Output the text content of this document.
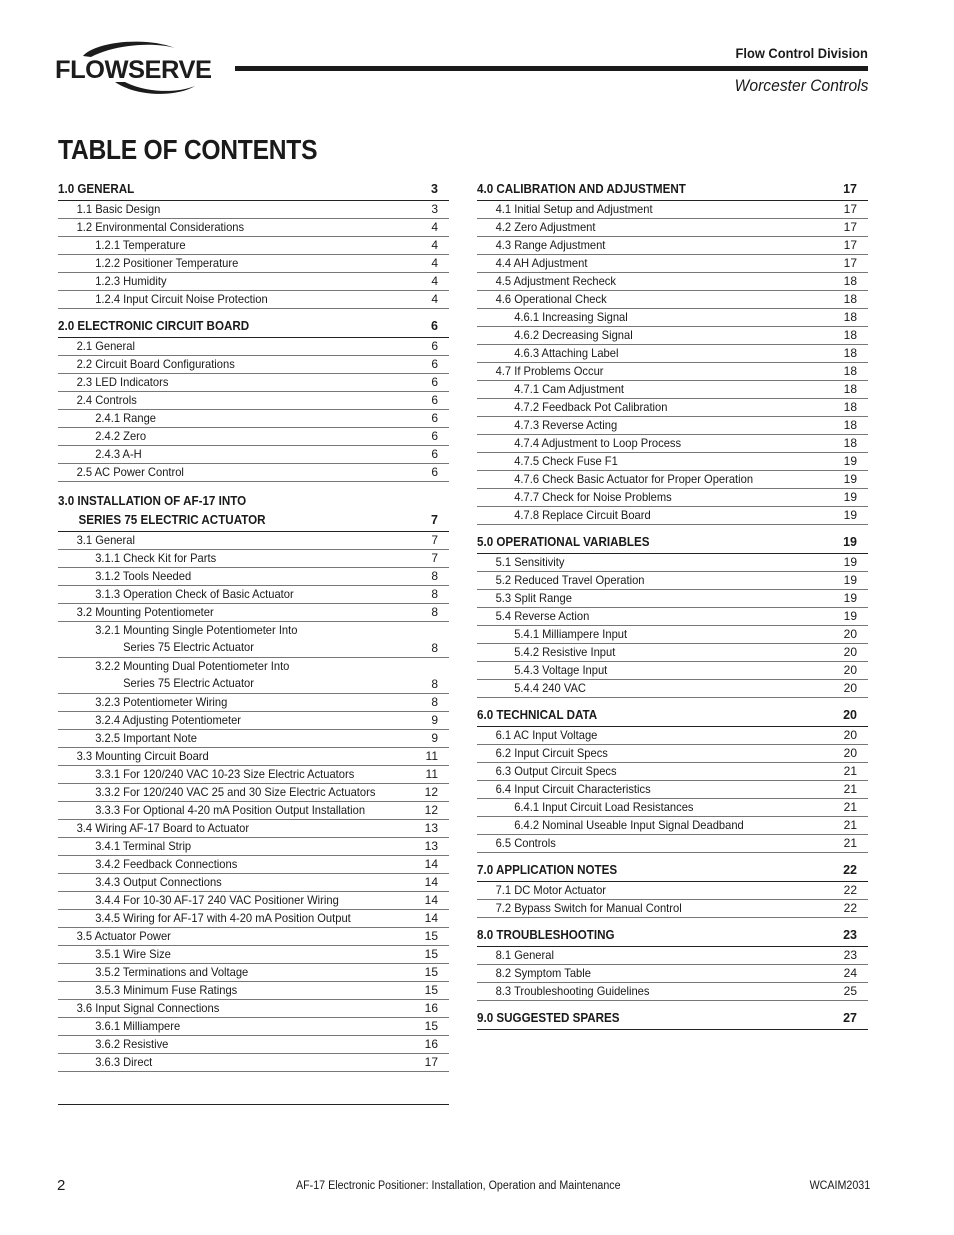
FLOWSERVE
Flow Control Division
Worcester Controls
TABLE OF CONTENTS
1.0 GENERAL	3
1.1 Basic Design	3
1.2 Environmental Considerations	4
1.2.1 Temperature	4
1.2.2 Positioner Temperature	4
1.2.3 Humidity	4
1.2.4 Input Circuit Noise Protection	4
2.0 ELECTRONIC CIRCUIT BOARD	6
2.1 General	6
2.2 Circuit Board Configurations	6
2.3 LED Indicators	6
2.4 Controls	6
2.4.1 Range	6
2.4.2 Zero	6
2.4.3 A-H	6
2.5 AC Power Control	6
3.0 INSTALLATION OF AF-17 INTO
SERIES 75 ELECTRIC ACTUATOR	7
3.1 General	7
3.1.1 Check Kit for Parts	7
3.1.2 Tools Needed	8
3.1.3 Operation Check of Basic Actuator	8
3.2 Mounting Potentiometer	8
3.2.1 Mounting Single Potentiometer Into
Series 75 Electric Actuator	8
3.2.2 Mounting Dual Potentiometer Into
Series 75 Electric Actuator	8
3.2.3 Potentiometer Wiring	8
3.2.4 Adjusting Potentiometer	9
3.2.5 Important Note	9
3.3 Mounting Circuit Board	11
3.3.1 For 120/240 VAC 10-23 Size Electric Actuators	11
3.3.2 For 120/240 VAC 25 and 30 Size Electric Actuators	12
3.3.3 For Optional 4-20 mA Position Output Installation	12
3.4 Wiring AF-17 Board to Actuator	13
3.4.1 Terminal Strip	13
3.4.2 Feedback Connections	14
3.4.3 Output Connections	14
3.4.4 For 10-30 AF-17 240 VAC Positioner Wiring	14
3.4.5 Wiring for AF-17 with 4-20 mA Position Output	14
3.5 Actuator Power	15
3.5.1 Wire Size	15
3.5.2 Terminations and Voltage	15
3.5.3 Minimum Fuse Ratings	15
3.6 Input Signal Connections	16
3.6.1 Milliampere	15
3.6.2 Resistive	16
3.6.3 Direct	17
4.0 CALIBRATION AND ADJUSTMENT	17
4.1 Initial Setup and Adjustment	17
4.2 Zero Adjustment	17
4.3 Range Adjustment	17
4.4 AH Adjustment	17
4.5 Adjustment Recheck	18
4.6 Operational Check	18
4.6.1 Increasing Signal	18
4.6.2 Decreasing Signal	18
4.6.3 Attaching Label	18
4.7 If Problems Occur	18
4.7.1 Cam Adjustment	18
4.7.2 Feedback Pot Calibration	18
4.7.3 Reverse Acting	18
4.7.4 Adjustment to Loop Process	18
4.7.5 Check Fuse F1	19
4.7.6 Check Basic Actuator for Proper Operation	19
4.7.7 Check for Noise Problems	19
4.7.8 Replace Circuit Board	19
5.0 OPERATIONAL VARIABLES	19
5.1 Sensitivity	19
5.2 Reduced Travel Operation	19
5.3 Split Range	19
5.4 Reverse Action	19
5.4.1 Milliampere Input	20
5.4.2 Resistive Input	20
5.4.3 Voltage Input	20
5.4.4 240 VAC	20
6.0 TECHNICAL DATA	20
6.1 AC Input Voltage	20
6.2 Input Circuit Specs	20
6.3 Output Circuit Specs	21
6.4 Input Circuit Characteristics	21
6.4.1 Input Circuit Load Resistances	21
6.4.2 Nominal Useable Input Signal Deadband	21
6.5 Controls	21
7.0 APPLICATION NOTES	22
7.1 DC Motor Actuator	22
7.2 Bypass Switch for Manual Control	22
8.0 TROUBLESHOOTING	23
8.1 General	23
8.2 Symptom Table	24
8.3 Troubleshooting Guidelines	25
9.0 SUGGESTED SPARES	27
2	AF-17 Electronic Positioner: Installation, Operation and Maintenance	WCAIM2031
